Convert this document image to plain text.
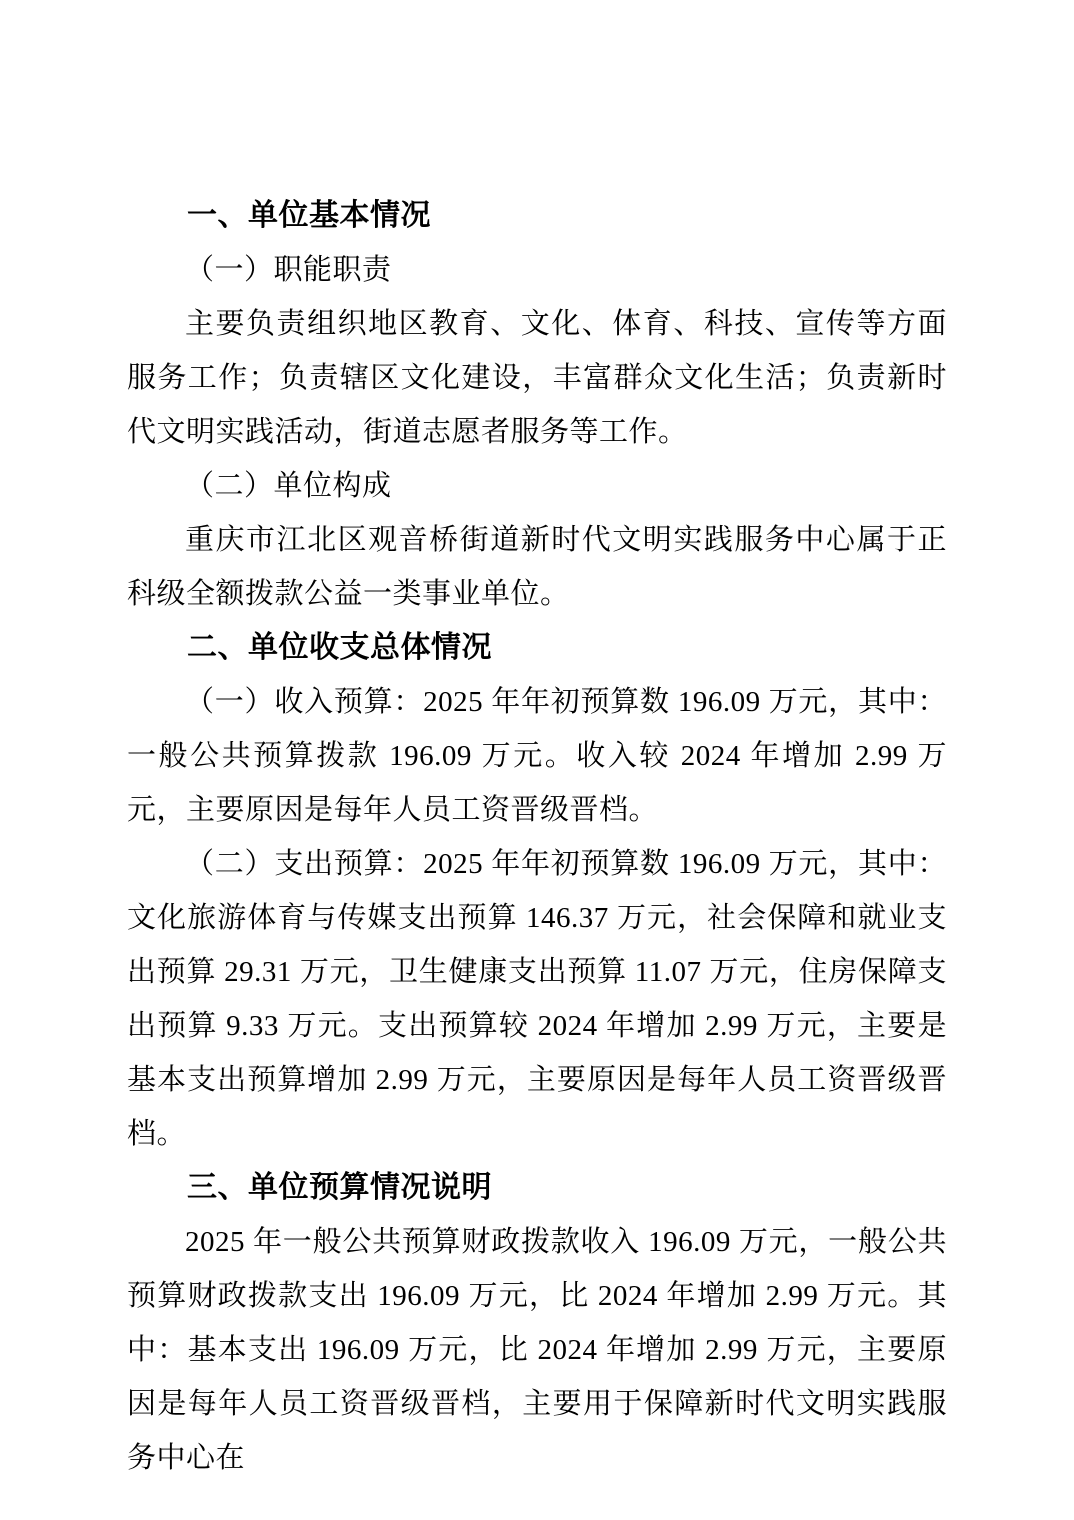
一、单位基本情况

（一）职能职责

主要负责组织地区教育、文化、体育、科技、宣传等方面服务工作；负责辖区文化建设，丰富群众文化生活；负责新时代文明实践活动，街道志愿者服务等工作。

（二）单位构成

重庆市江北区观音桥街道新时代文明实践服务中心属于正科级全额拨款公益一类事业单位。

二、单位收支总体情况

（一）收入预算：2025 年年初预算数 196.09 万元，其中：一般公共预算拨款 196.09 万元。收入较 2024 年增加 2.99 万元，主要原因是每年人员工资晋级晋档。

（二）支出预算：2025 年年初预算数 196.09 万元，其中：文化旅游体育与传媒支出预算 146.37 万元，社会保障和就业支出预算 29.31 万元，卫生健康支出预算 11.07 万元，住房保障支出预算 9.33 万元。支出预算较 2024 年增加 2.99 万元，主要是基本支出预算增加 2.99 万元，主要原因是每年人员工资晋级晋档。

三、单位预算情况说明

2025 年一般公共预算财政拨款收入 196.09 万元，一般公共预算财政拨款支出 196.09 万元，比 2024 年增加 2.99 万元。其中：基本支出 196.09 万元，比 2024 年增加 2.99 万元，主要原因是每年人员工资晋级晋档，主要用于保障新时代文明实践服务中心在
